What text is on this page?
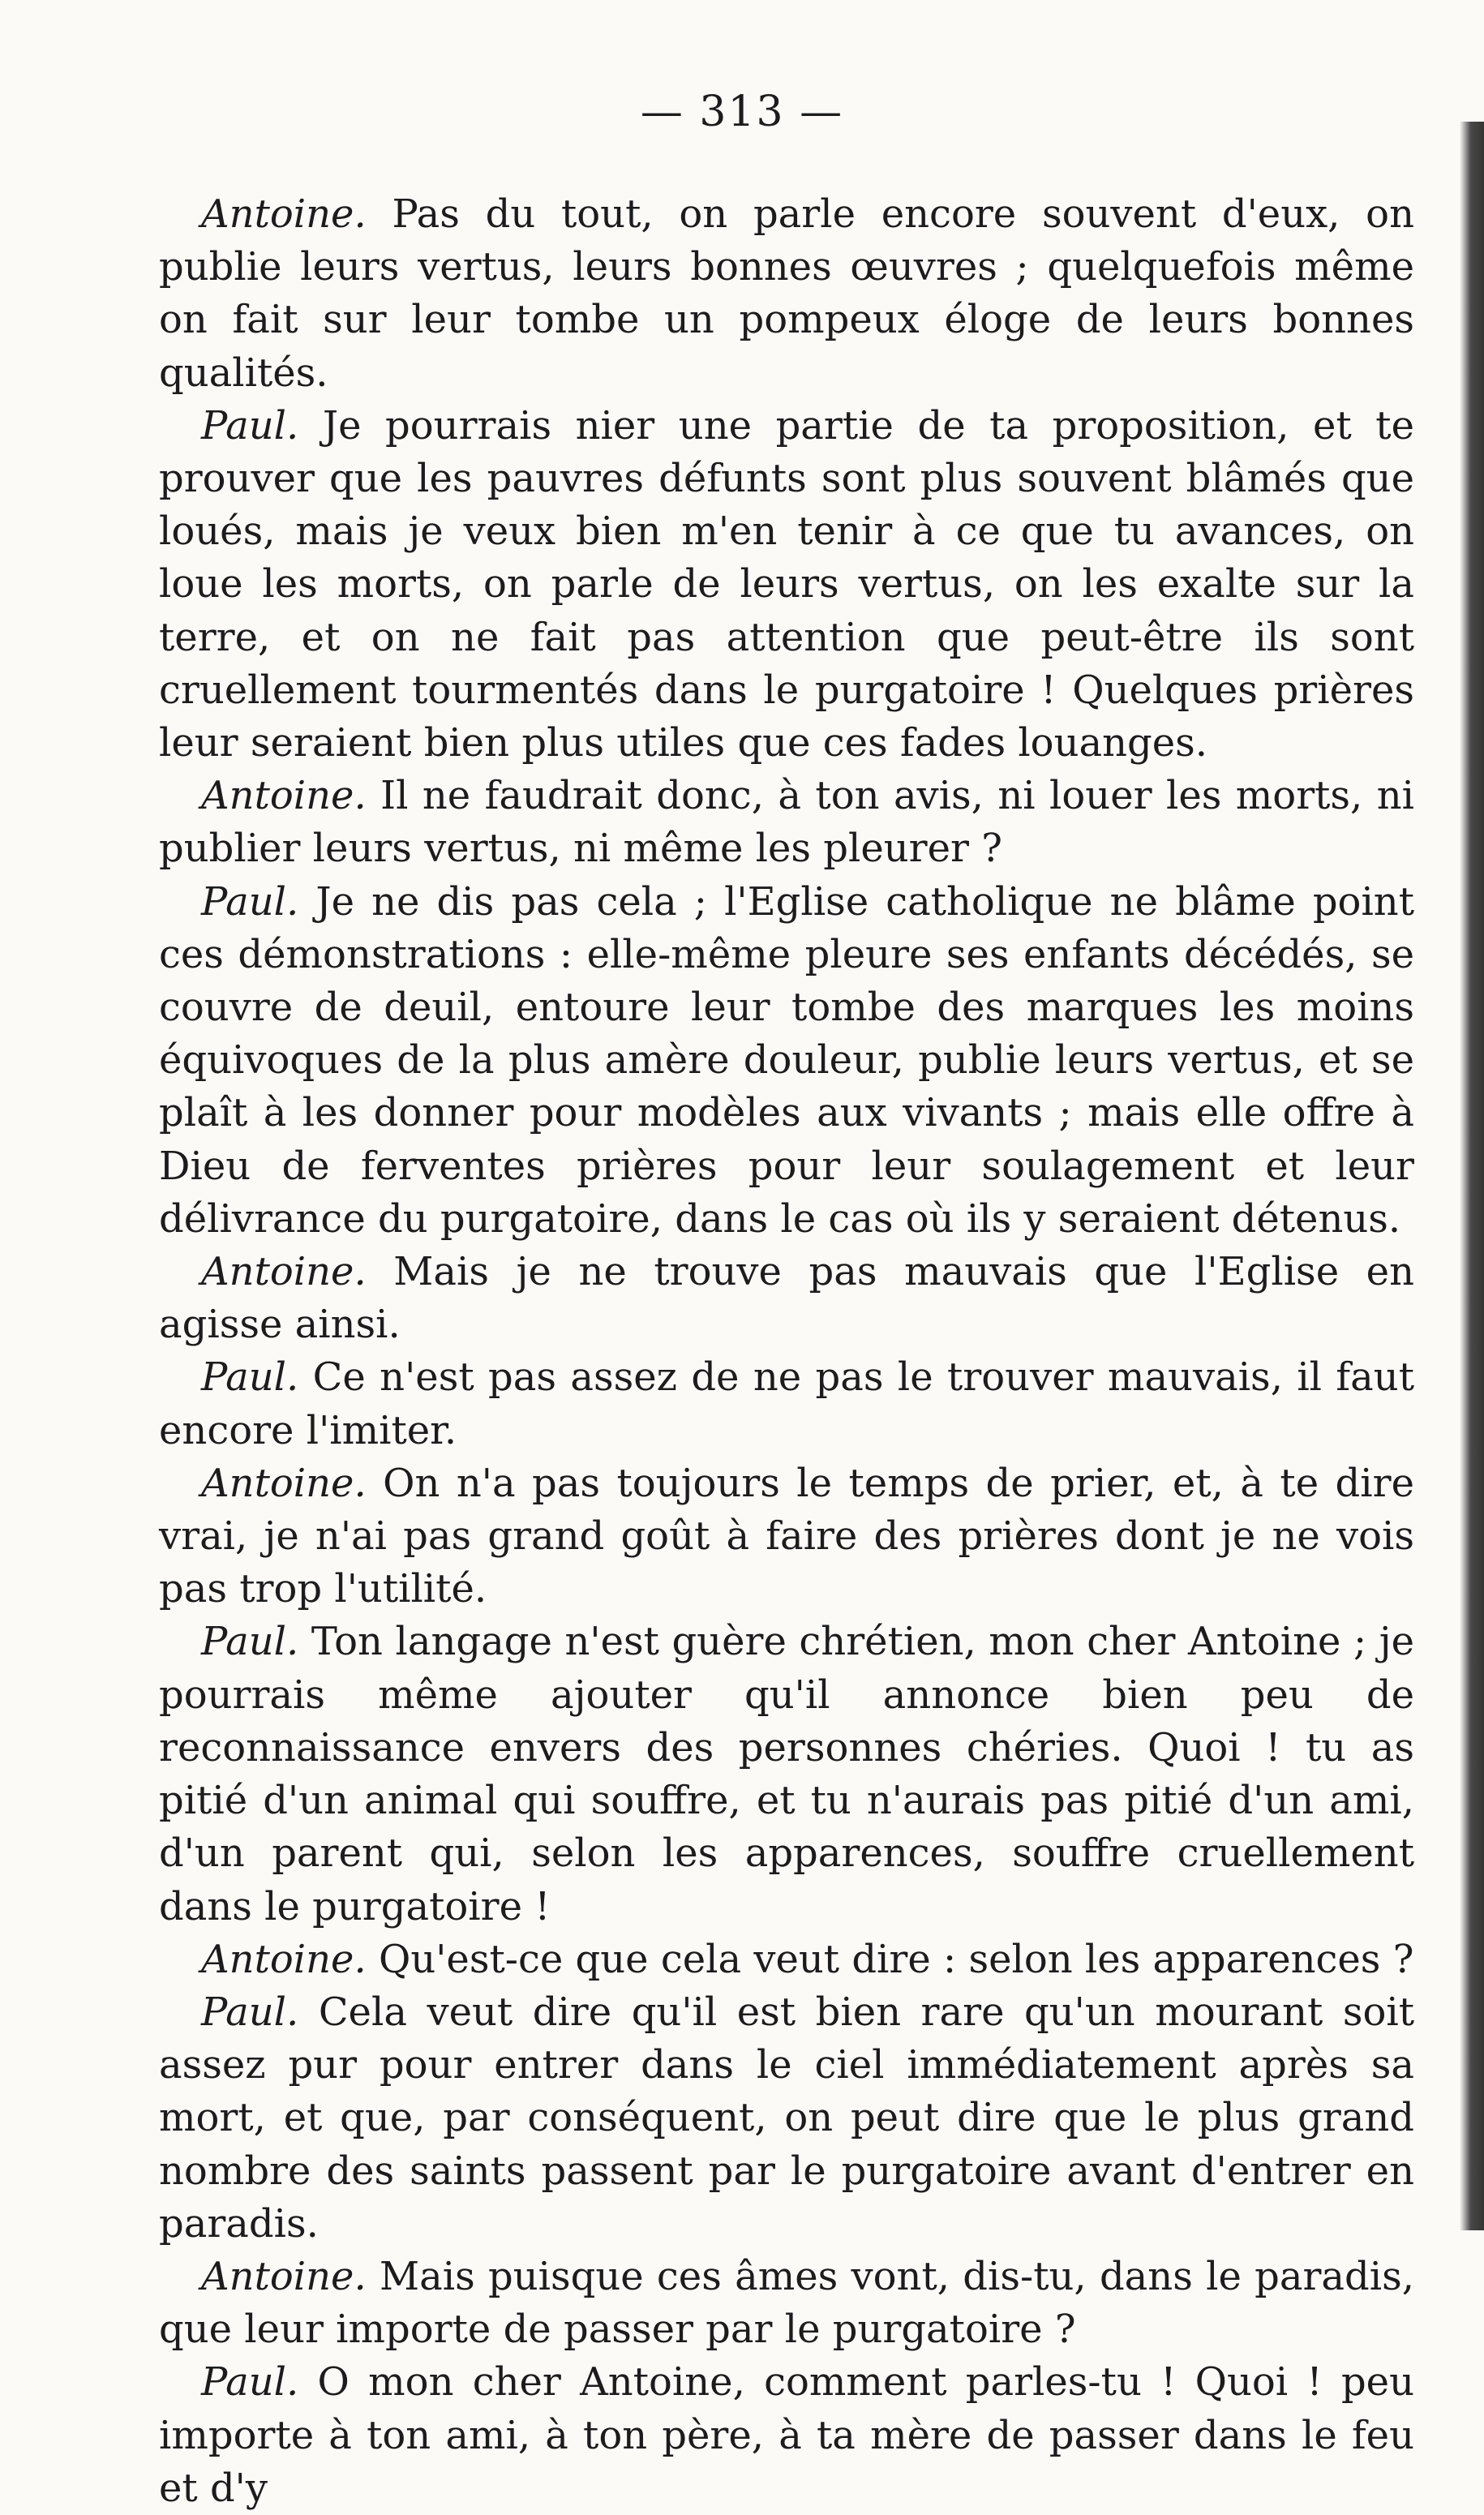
— 313 —

Antoine. Pas du tout, on parle encore souvent d'eux, on publie leurs vertus, leurs bonnes œuvres ; quelquefois même on fait sur leur tombe un pompeux éloge de leurs bonnes qualités.

Paul. Je pourrais nier une partie de ta proposition, et te prouver que les pauvres défunts sont plus souvent blâmés que loués, mais je veux bien m'en tenir à ce que tu avances, on loue les morts, on parle de leurs vertus, on les exalte sur la terre, et on ne fait pas attention que peut-être ils sont cruellement tourmentés dans le purgatoire ! Quelques prières leur seraient bien plus utiles que ces fades louanges.

Antoine. Il ne faudrait donc, à ton avis, ni louer les morts, ni publier leurs vertus, ni même les pleurer ?

Paul. Je ne dis pas cela ; l'Eglise catholique ne blâme point ces démonstrations : elle-même pleure ses enfants décédés, se couvre de deuil, entoure leur tombe des marques les moins équivoques de la plus amère douleur, publie leurs vertus, et se plaît à les donner pour modèles aux vivants ; mais elle offre à Dieu de ferventes prières pour leur soulagement et leur délivrance du purgatoire, dans le cas où ils y seraient détenus.

Antoine. Mais je ne trouve pas mauvais que l'Eglise en agisse ainsi.

Paul. Ce n'est pas assez de ne pas le trouver mauvais, il faut encore l'imiter.

Antoine. On n'a pas toujours le temps de prier, et, à te dire vrai, je n'ai pas grand goût à faire des prières dont je ne vois pas trop l'utilité.

Paul. Ton langage n'est guère chrétien, mon cher Antoine ; je pourrais même ajouter qu'il annonce bien peu de reconnaissance envers des personnes chéries. Quoi ! tu as pitié d'un animal qui souffre, et tu n'aurais pas pitié d'un ami, d'un parent qui, selon les apparences, souffre cruellement dans le purgatoire !

Antoine. Qu'est-ce que cela veut dire : selon les apparences ?

Paul. Cela veut dire qu'il est bien rare qu'un mourant soit assez pur pour entrer dans le ciel immédiatement après sa mort, et que, par conséquent, on peut dire que le plus grand nombre des saints passent par le purgatoire avant d'entrer en paradis.

Antoine. Mais puisque ces âmes vont, dis-tu, dans le paradis, que leur importe de passer par le purgatoire ?

Paul. O mon cher Antoine, comment parles-tu ! Quoi ! peu importe à ton ami, à ton père, à ta mère de passer dans le feu et d'y
